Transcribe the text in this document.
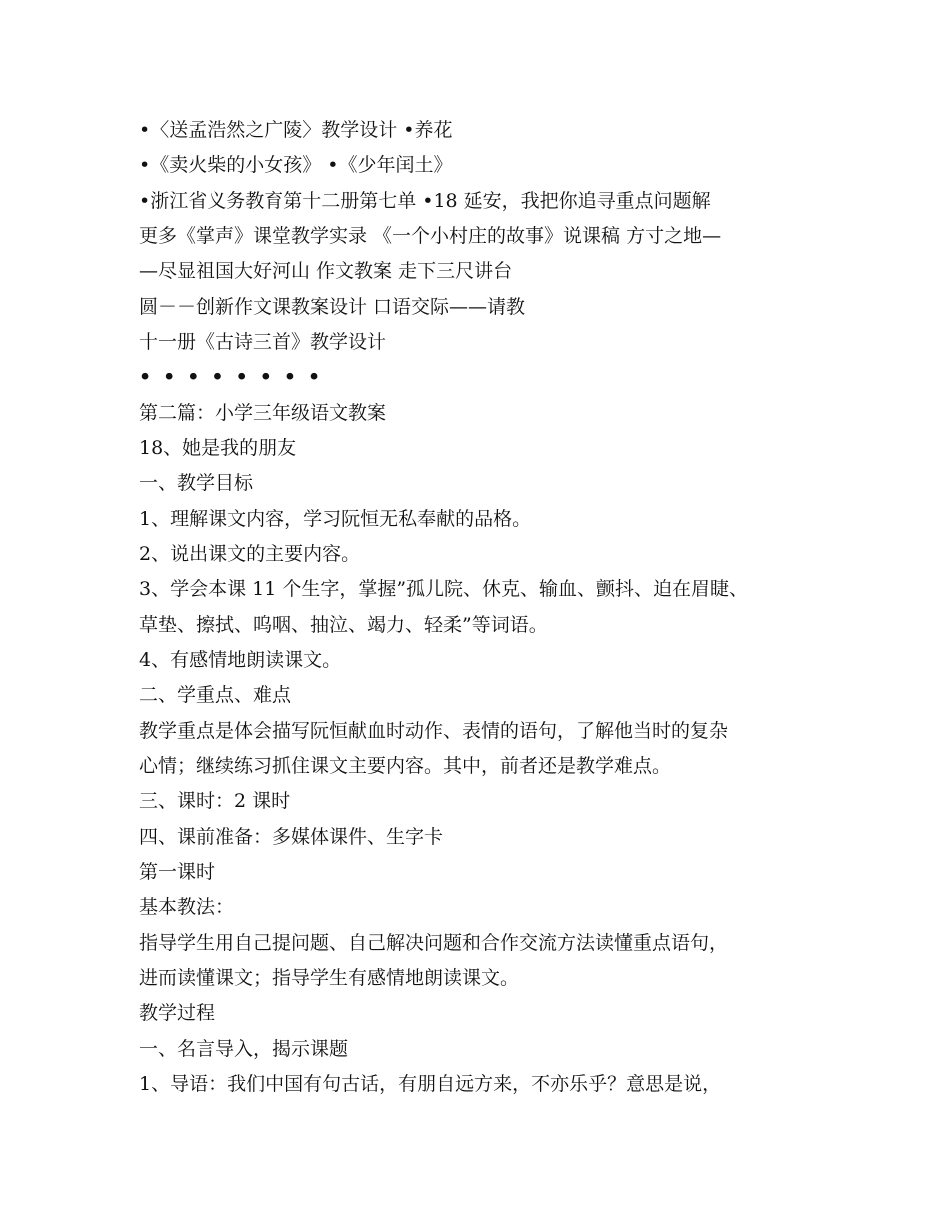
•〈送孟浩然之广陵〉教学设计 •养花
•《卖火柴的小女孩》 •《少年闰土》
•浙江省义务教育第十二册第七单 •18 延安，我把你追寻重点问题解
更多《掌声》课堂教学实录 《一个小村庄的故事》说课稿 方寸之地—
—尽显祖国大好河山 作文教案 走下三尺讲台
圆－－创新作文课教案设计 口语交际——请教
十一册《古诗三首》教学设计
••••••••
第二篇：小学三年级语文教案
18、她是我的朋友
一、教学目标
1、理解课文内容，学习阮恒无私奉献的品格。
2、说出课文的主要内容。
3、学会本课 11 个生字，掌握”孤儿院、休克、输血、颤抖、迫在眉睫、
草垫、擦拭、呜咽、抽泣、竭力、轻柔”等词语。
4、有感情地朗读课文。
二、学重点、难点
教学重点是体会描写阮恒献血时动作、表情的语句，了解他当时的复杂
心情；继续练习抓住课文主要内容。其中，前者还是教学难点。
三、课时：2 课时
四、课前准备：多媒体课件、生字卡
第一课时
基本教法：
指导学生用自己提问题、自己解决问题和合作交流方法读懂重点语句，
进而读懂课文；指导学生有感情地朗读课文。
教学过程
一、名言导入，揭示课题
1、导语：我们中国有句古话，有朋自远方来，不亦乐乎？意思是说，
